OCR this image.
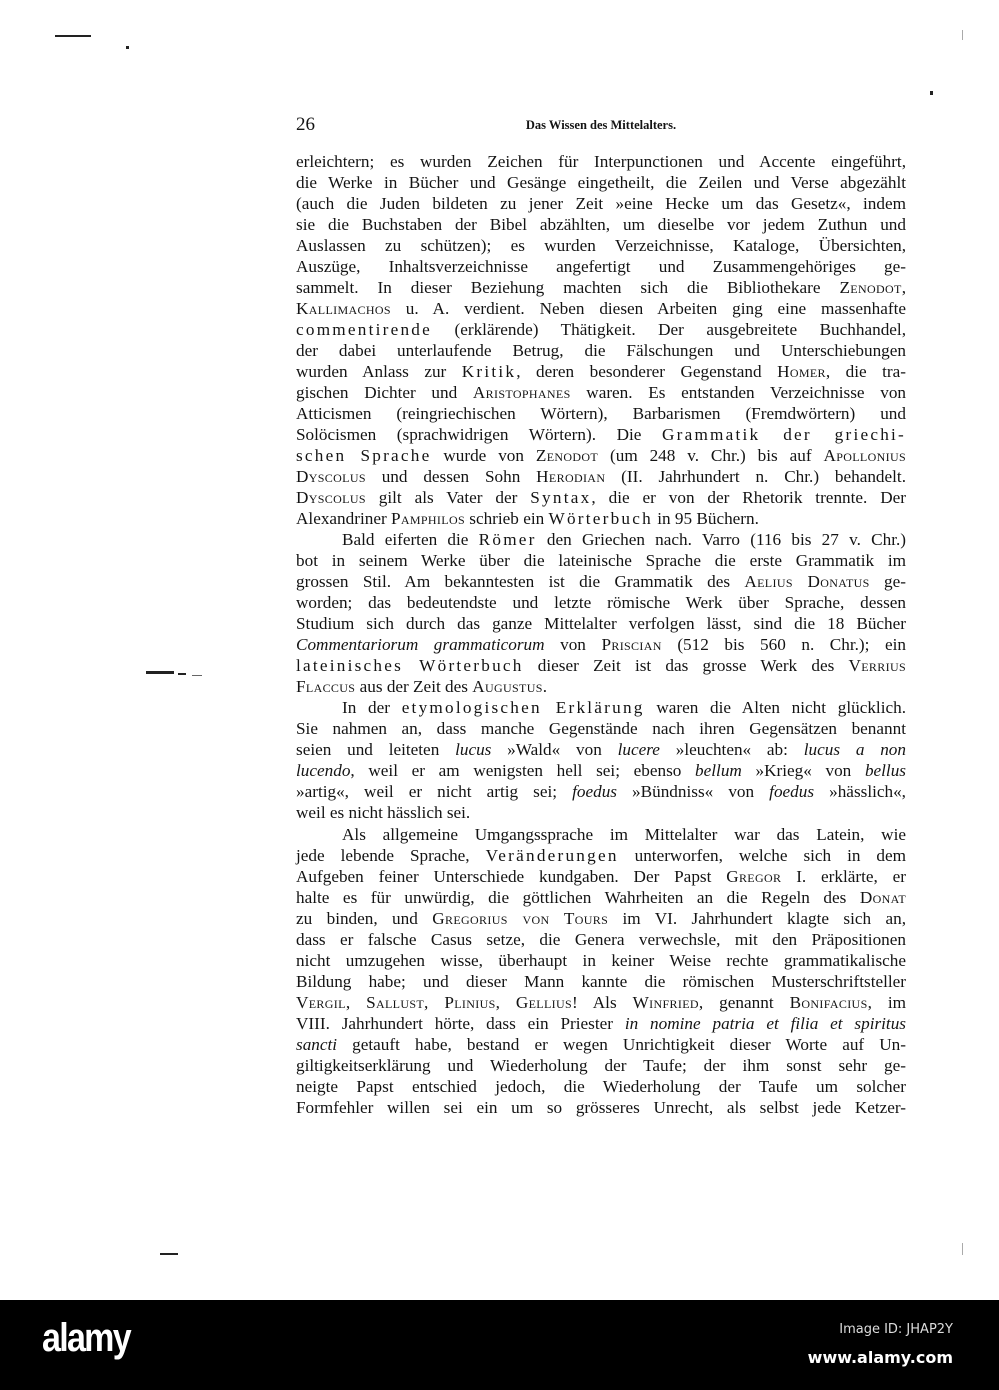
26	Das Wissen des Mittelalters.
erleichtern; es wurden Zeichen für Interpunctionen und Accente eingeführt,
die Werke in Bücher und Gesänge eingetheilt, die Zeilen und Verse abgezählt
(auch die Juden bildeten zu jener Zeit »eine Hecke um das Gesetz«, indem
sie die Buchstaben der Bibel abzählten, um dieselbe vor jedem Zuthun und
Auslassen zu schützen); es wurden Verzeichnisse, Kataloge, Übersichten,
Auszüge, Inhaltsverzeichnisse angefertigt und Zusammengehöriges ge-
sammelt. In dieser Beziehung machten sich die Bibliothekare Zenodot,
Kallimachos u. A. verdient. Neben diesen Arbeiten ging eine massenhafte
commentirende (erklärende) Thätigkeit. Der ausgebreitete Buchhandel,
der dabei unterlaufende Betrug, die Fälschungen und Unterschiebungen
wurden Anlass zur Kritik, deren besonderer Gegenstand Homer, die tra-
gischen Dichter und Aristophanes waren. Es entstanden Verzeichnisse von
Atticismen (reingriechischen Wörtern), Barbarismen (Fremdwörtern) und
Solöcismen (sprachwidrigen Wörtern). Die Grammatik der griechi-
schen Sprache wurde von Zenodot (um 248 v. Chr.) bis auf Apollonius
Dyscolus und dessen Sohn Herodian (II. Jahrhundert n. Chr.) behandelt.
Dyscolus gilt als Vater der Syntax, die er von der Rhetorik trennte. Der
Alexandriner Pamphilos schrieb ein Wörterbuch in 95 Büchern.
Bald eiferten die Römer den Griechen nach. Varro (116 bis 27 v. Chr.)
bot in seinem Werke über die lateinische Sprache die erste Grammatik im
grossen Stil. Am bekanntesten ist die Grammatik des Aelius Donatus ge-
worden; das bedeutendste und letzte römische Werk über Sprache, dessen
Studium sich durch das ganze Mittelalter verfolgen lässt, sind die 18 Bücher
Commentariorum grammaticorum von Priscian (512 bis 560 n. Chr.); ein
lateinisches Wörterbuch dieser Zeit ist das grosse Werk des Verrius
Flaccus aus der Zeit des Augustus.
In der etymologischen Erklärung waren die Alten nicht glücklich.
Sie nahmen an, dass manche Gegenstände nach ihren Gegensätzen benannt
seien und leiteten lucus »Wald« von lucere »leuchten« ab: lucus a non
lucendo, weil er am wenigsten hell sei; ebenso bellum »Krieg« von bellus
»artig«, weil er nicht artig sei; foedus »Bündniss« von foedus »hässlich«,
weil es nicht hässlich sei.
Als allgemeine Umgangssprache im Mittelalter war das Latein, wie
jede lebende Sprache, Veränderungen unterworfen, welche sich in dem
Aufgeben feiner Unterschiede kundgaben. Der Papst Gregor I. erklärte, er
halte es für unwürdig, die göttlichen Wahrheiten an die Regeln des Donat
zu binden, und Gregorius von Tours im VI. Jahrhundert klagte sich an,
dass er falsche Casus setze, die Genera verwechsle, mit den Präpositionen
nicht umzugehen wisse, überhaupt in keiner Weise rechte grammatikalische
Bildung habe; und dieser Mann kannte die römischen Musterschriftsteller
Vergil, Sallust, Plinius, Gellius! Als Winfried, genannt Bonifacius, im
VIII. Jahrhundert hörte, dass ein Priester in nomine patria et filia et spiritus
sancti getauft habe, bestand er wegen Unrichtigkeit dieser Worte auf Un-
giltigkeitserklärung und Wiederholung der Taufe; der ihm sonst sehr ge-
neigte Papst entschied jedoch, die Wiederholung der Taufe um solcher
Formfehler willen sei ein um so grösseres Unrecht, als selbst jede Ketzer-
alamy	Image ID: JHAP2Y
www.alamy.com
